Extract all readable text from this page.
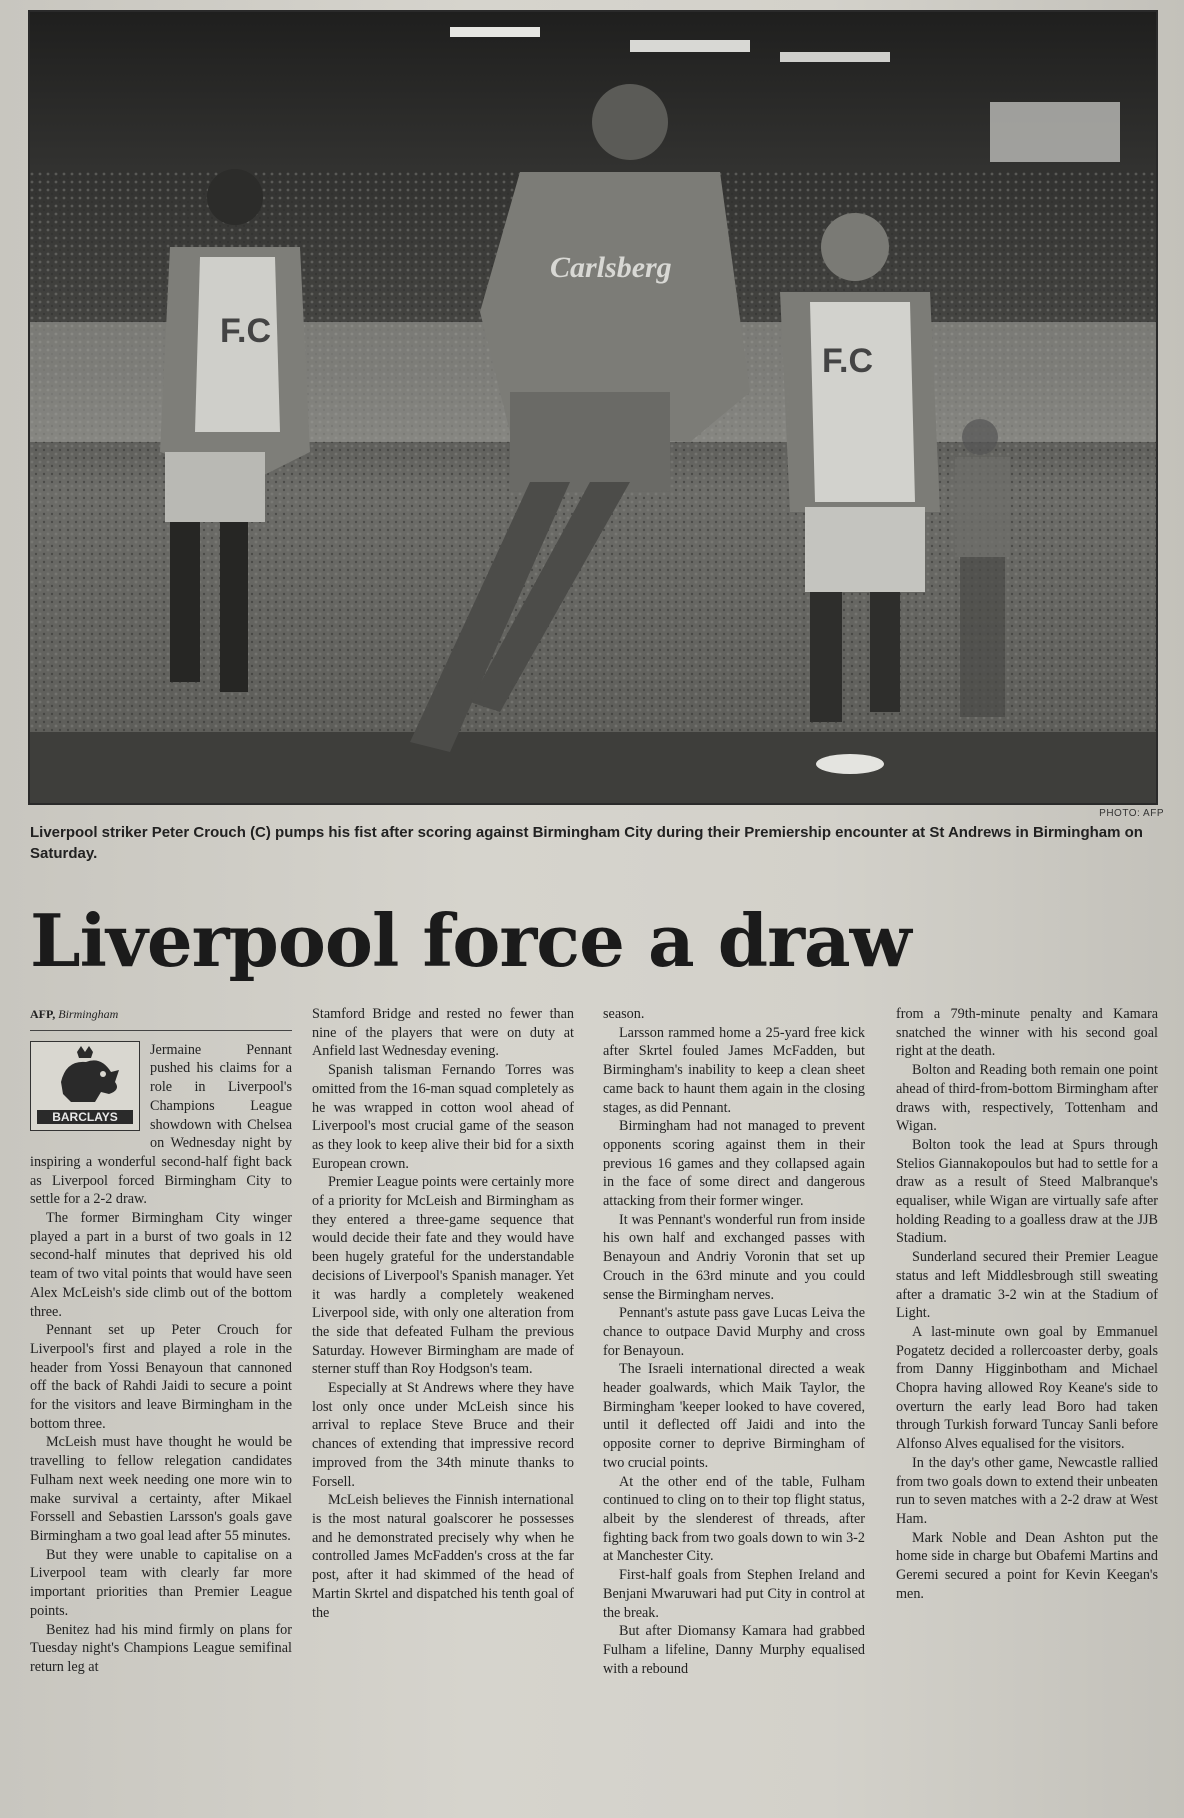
F.C
Carlsberg
F.C
PHOTO: AFP
Liverpool striker Peter Crouch (C) pumps his fist after scoring against Birmingham City during their Premiership encounter at St Andrews in Birmingham on Saturday.
Liverpool force a draw
AFP, Birmingham
BARCLAYS

Jermaine Pennant pushed his claims for a role in Liverpool's Champions League showdown with Chelsea on Wednesday night by inspiring a wonderful second-half fight back as Liverpool forced Birmingham City to settle for a 2-2 draw.

The former Birmingham City winger played a part in a burst of two goals in 12 second-half minutes that deprived his old team of two vital points that would have seen Alex McLeish's side climb out of the bottom three.

Pennant set up Peter Crouch for Liverpool's first and played a role in the header from Yossi Benayoun that cannoned off the back of Rahdi Jaidi to secure a point for the visitors and leave Birmingham in the bottom three.

McLeish must have thought he would be travelling to fellow relegation candidates Fulham next week needing one more win to make survival a certainty, after Mikael Forssell and Sebastien Larsson's goals gave Birmingham a two goal lead after 55 minutes.

But they were unable to capitalise on a Liverpool team with clearly far more important priorities than Premier League points.

Benitez had his mind firmly on plans for Tuesday night's Champions League semifinal return leg at

Stamford Bridge and rested no fewer than nine of the players that were on duty at Anfield last Wednesday evening.

Spanish talisman Fernando Torres was omitted from the 16-man squad completely as he was wrapped in cotton wool ahead of Liverpool's most crucial game of the season as they look to keep alive their bid for a sixth European crown.

Premier League points were certainly more of a priority for McLeish and Birmingham as they entered a three-game sequence that would decide their fate and they would have been hugely grateful for the understandable decisions of Liverpool's Spanish manager. Yet it was hardly a completely weakened Liverpool side, with only one alteration from the side that defeated Fulham the previous Saturday. However Birmingham are made of sterner stuff than Roy Hodgson's team.

Especially at St Andrews where they have lost only once under McLeish since his arrival to replace Steve Bruce and their chances of extending that impressive record improved from the 34th minute thanks to Forsell.

McLeish believes the Finnish international is the most natural goalscorer he possesses and he demonstrated precisely why when he controlled James McFadden's cross at the far post, after it had skimmed of the head of Martin Skrtel and dispatched his tenth goal of the

season.

Larsson rammed home a 25-yard free kick after Skrtel fouled James McFadden, but Birmingham's inability to keep a clean sheet came back to haunt them again in the closing stages, as did Pennant.

Birmingham had not managed to prevent opponents scoring against them in their previous 16 games and they collapsed again in the face of some direct and dangerous attacking from their former winger.

It was Pennant's wonderful run from inside his own half and exchanged passes with Benayoun and Andriy Voronin that set up Crouch in the 63rd minute and you could sense the Birmingham nerves.

Pennant's astute pass gave Lucas Leiva the chance to outpace David Murphy and cross for Benayoun.

The Israeli international directed a weak header goalwards, which Maik Taylor, the Birmingham 'keeper looked to have covered, until it deflected off Jaidi and into the opposite corner to deprive Birmingham of two crucial points.

At the other end of the table, Fulham continued to cling on to their top flight status, albeit by the slenderest of threads, after fighting back from two goals down to win 3-2 at Manchester City.

First-half goals from Stephen Ireland and Benjani Mwaruwari had put City in control at the break.

But after Diomansy Kamara had grabbed Fulham a lifeline, Danny Murphy equalised with a rebound

from a 79th-minute penalty and Kamara snatched the winner with his second goal right at the death.

Bolton and Reading both remain one point ahead of third-from-bottom Birmingham after draws with, respectively, Tottenham and Wigan.

Bolton took the lead at Spurs through Stelios Giannakopoulos but had to settle for a draw as a result of Steed Malbranque's equaliser, while Wigan are virtually safe after holding Reading to a goalless draw at the JJB Stadium.

Sunderland secured their Premier League status and left Middlesbrough still sweating after a dramatic 3-2 win at the Stadium of Light.

A last-minute own goal by Emmanuel Pogatetz decided a rollercoaster derby, goals from Danny Higginbotham and Michael Chopra having allowed Roy Keane's side to overturn the early lead Boro had taken through Turkish forward Tuncay Sanli before Alfonso Alves equalised for the visitors.

In the day's other game, Newcastle rallied from two goals down to extend their unbeaten run to seven matches with a 2-2 draw at West Ham.

Mark Noble and Dean Ashton put the home side in charge but Obafemi Martins and Geremi secured a point for Kevin Keegan's men.
